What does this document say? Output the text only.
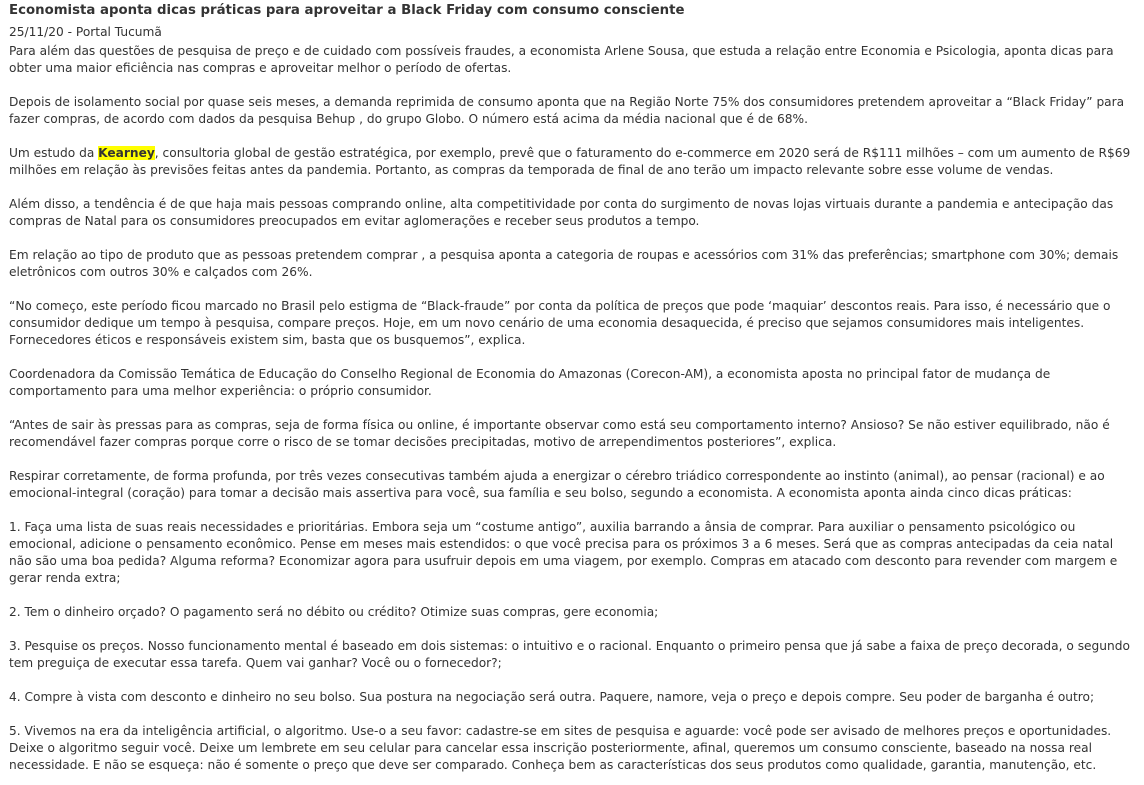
Economista aponta dicas práticas para aproveitar a Black Friday com consumo consciente
25/11/20 - Portal Tucumã

Para além das questões de pesquisa de preço e de cuidado com possíveis fraudes, a economista Arlene Sousa, que estuda a relação entre Economia e Psicologia, aponta dicas para obter uma maior eficiência nas compras e aproveitar melhor o período de ofertas.

Depois de isolamento social por quase seis meses, a demanda reprimida de consumo aponta que na Região Norte 75% dos consumidores pretendem aproveitar a “Black Friday” para fazer compras, de acordo com dados da pesquisa Behup , do grupo Globo. O número está acima da média nacional que é de 68%.

Um estudo da Kearney, consultoria global de gestão estratégica, por exemplo, prevê que o faturamento do e-commerce em 2020 será de R$111 milhões – com um aumento de R$69 milhões em relação às previsões feitas antes da pandemia. Portanto, as compras da temporada de final de ano terão um impacto relevante sobre esse volume de vendas.

Além disso, a tendência é de que haja mais pessoas comprando online, alta competitividade por conta do surgimento de novas lojas virtuais durante a pandemia e antecipação das compras de Natal para os consumidores preocupados em evitar aglomerações e receber seus produtos a tempo.

Em relação ao tipo de produto que as pessoas pretendem comprar , a pesquisa aponta a categoria de roupas e acessórios com 31% das preferências; smartphone com 30%; demais eletrônicos com outros 30% e calçados com 26%.

“No começo, este período ficou marcado no Brasil pelo estigma de “Black-fraude” por conta da política de preços que pode ‘maquiar’ descontos reais. Para isso, é necessário que o consumidor dedique um tempo à pesquisa, compare preços. Hoje, em um novo cenário de uma economia desaquecida, é preciso que sejamos consumidores mais inteligentes. Fornecedores éticos e responsáveis existem sim, basta que os busquemos”, explica.

Coordenadora da Comissão Temática de Educação do Conselho Regional de Economia do Amazonas (Corecon-AM), a economista aposta no principal fator de mudança de comportamento para uma melhor experiência: o próprio consumidor.

“Antes de sair às pressas para as compras, seja de forma física ou online, é importante observar como está seu comportamento interno? Ansioso? Se não estiver equilibrado, não é recomendável fazer compras porque corre o risco de se tomar decisões precipitadas, motivo de arrependimentos posteriores”, explica.

Respirar corretamente, de forma profunda, por três vezes consecutivas também ajuda a energizar o cérebro triádico correspondente ao instinto (animal), ao pensar (racional) e ao emocional-integral (coração) para tomar a decisão mais assertiva para você, sua família e seu bolso, segundo a economista. A economista aponta ainda cinco dicas práticas:

1. Faça uma lista de suas reais necessidades e prioritárias. Embora seja um “costume antigo”, auxilia barrando a ânsia de comprar. Para auxiliar o pensamento psicológico ou emocional, adicione o pensamento econômico. Pense em meses mais estendidos: o que você precisa para os próximos 3 a 6 meses. Será que as compras antecipadas da ceia natal não são uma boa pedida? Alguma reforma? Economizar agora para usufruir depois em uma viagem, por exemplo. Compras em atacado com desconto para revender com margem e gerar renda extra;

2. Tem o dinheiro orçado? O pagamento será no débito ou crédito? Otimize suas compras, gere economia;

3. Pesquise os preços. Nosso funcionamento mental é baseado em dois sistemas: o intuitivo e o racional. Enquanto o primeiro pensa que já sabe a faixa de preço decorada, o segundo tem preguiça de executar essa tarefa. Quem vai ganhar? Você ou o fornecedor?;

4. Compre à vista com desconto e dinheiro no seu bolso. Sua postura na negociação será outra. Paquere, namore, veja o preço e depois compre. Seu poder de barganha é outro;

5. Vivemos na era da inteligência artificial, o algoritmo. Use-o a seu favor: cadastre-se em sites de pesquisa e aguarde: você pode ser avisado de melhores preços e oportunidades. Deixe o algoritmo seguir você. Deixe um lembrete em seu celular para cancelar essa inscrição posteriormente, afinal, queremos um consumo consciente, baseado na nossa real necessidade. E não se esqueça: não é somente o preço que deve ser comparado. Conheça bem as características dos seus produtos como qualidade, garantia, manutenção, etc.
